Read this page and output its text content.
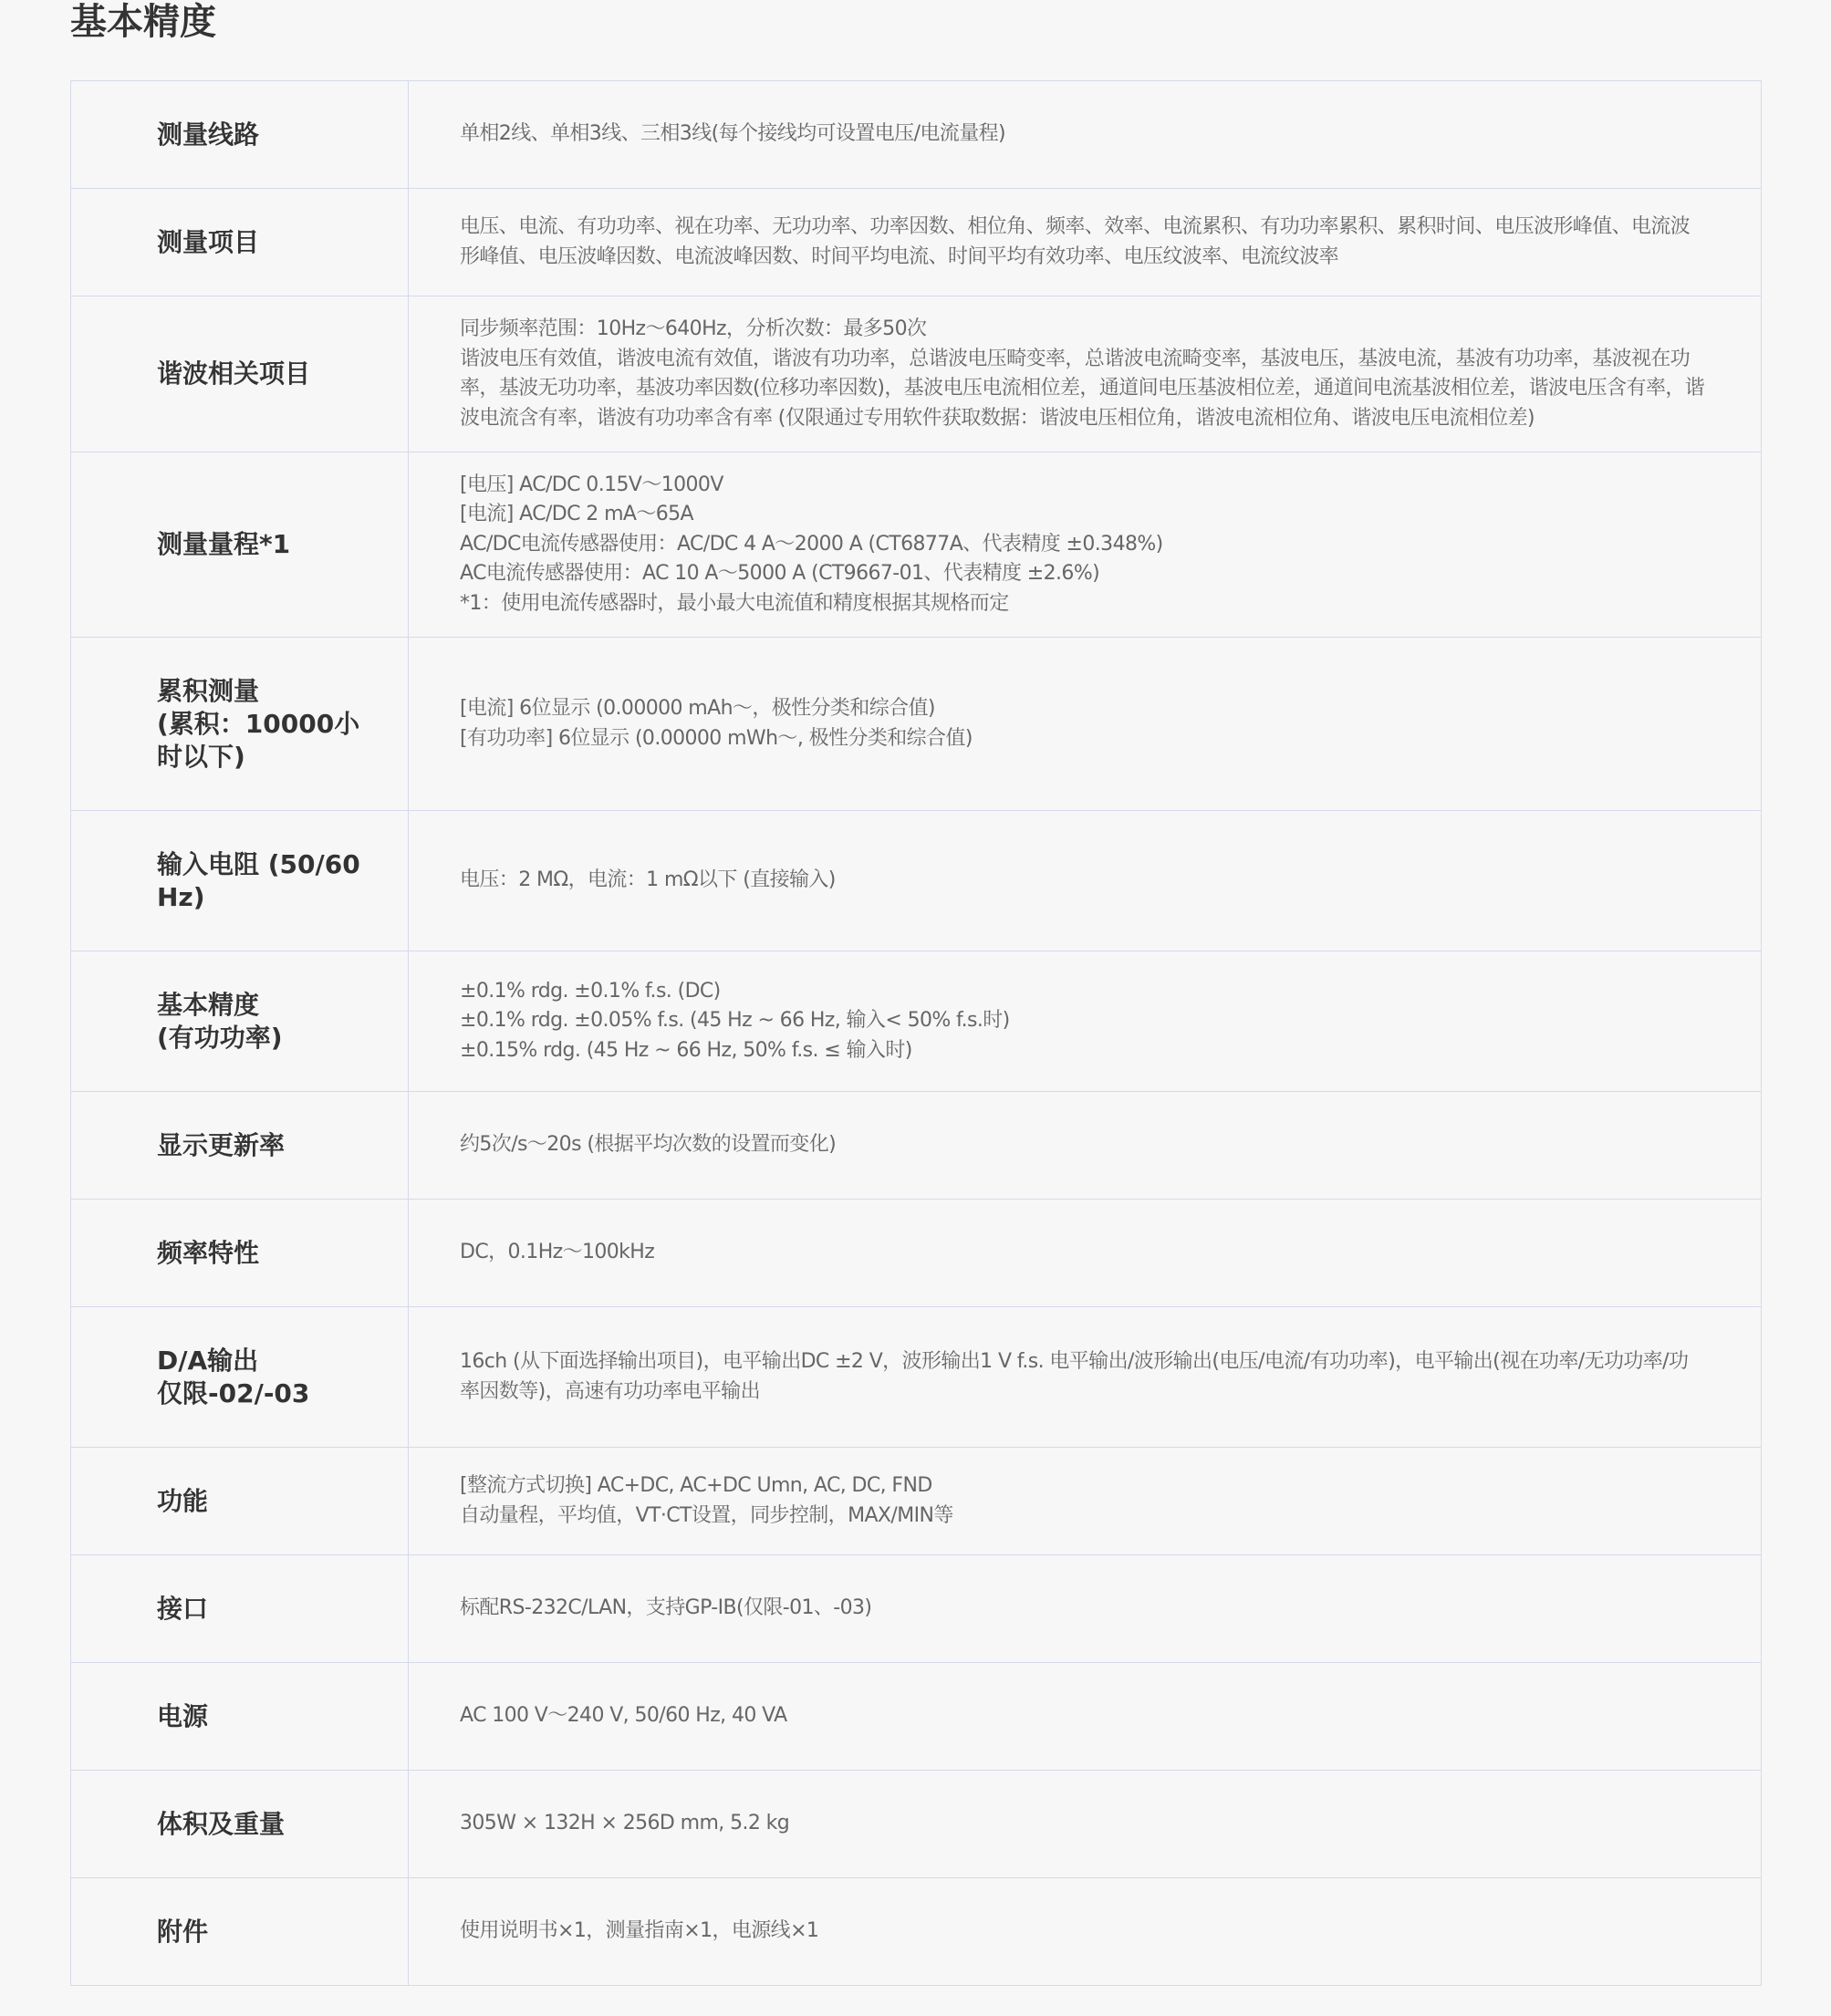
基本精度
测量线路	单相2线、单相3线、三相3线(每个接线均可设置电压/电流量程)

测量项目	电压、电流、有功功率、视在功率、无功功率、功率因数、相位角、频率、效率、电流累积、有功功率累积、累积时间、电压波形峰值、电流波形峰值、电压波峰因数、电流波峰因数、时间平均电流、时间平均有效功率、电压纹波率、电流纹波率

谐波相关项目	同步频率范围：10Hz～640Hz，分析次数：最多50次
谐波电压有效值，谐波电流有效值，谐波有功功率，总谐波电压畸变率，总谐波电流畸变率，基波电压，基波电流，基波有功功率，基波视在功率，基波无功功率，基波功率因数(位移功率因数)，基波电压电流相位差，通道间电压基波相位差，通道间电流基波相位差，谐波电压含有率，谐波电流含有率，谐波有功功率含有率 (仅限通过专用软件获取数据：谐波电压相位角，谐波电流相位角、谐波电压电流相位差)

测量量程*1	[电压] AC/DC 0.15V～1000V
[电流] AC/DC 2 mA～65A
AC/DC电流传感器使用：AC/DC 4 A～2000 A (CT6877A、代表精度 ±0.348%)
AC电流传感器使用：AC 10 A～5000 A (CT9667-01、代表精度 ±2.6%)
*1：使用电流传感器时，最小最大电流值和精度根据其规格而定

累积测量
(累积：10000小时以下)	[电流] 6位显示 (0.00000 mAh～，极性分类和综合值)
[有功功率] 6位显示 (0.00000 mWh～, 极性分类和综合值)

输入电阻 (50/60 Hz)	电压：2 MΩ，电流：1 mΩ以下 (直接输入)

基本精度
(有功功率)	±0.1% rdg. ±0.1% f.s. (DC)
±0.1% rdg. ±0.05% f.s. (45 Hz ~ 66 Hz, 输入< 50% f.s.时)
±0.15% rdg. (45 Hz ~ 66 Hz, 50% f.s. ≤ 输入时)

显示更新率	约5次/s～20s (根据平均次数的设置而变化)

频率特性	DC，0.1Hz～100kHz

D/A输出
仅限-02/-03	16ch (从下面选择输出项目)，电平输出DC ±2 V，波形输出1 V f.s. 电平输出/波形输出(电压/电流/有功功率)，电平输出(视在功率/无功功率/功率因数等)，高速有功功率电平输出

功能	[整流方式切换] AC+DC, AC+DC Umn, AC, DC, FND
自动量程，平均值，VT·CT设置，同步控制，MAX/MIN等

接口	标配RS-232C/LAN，支持GP-IB(仅限-01、-03)

电源	AC 100 V～240 V, 50/60 Hz, 40 VA

体积及重量	305W × 132H × 256D mm, 5.2 kg

附件	使用说明书×1，测量指南×1，电源线×1
